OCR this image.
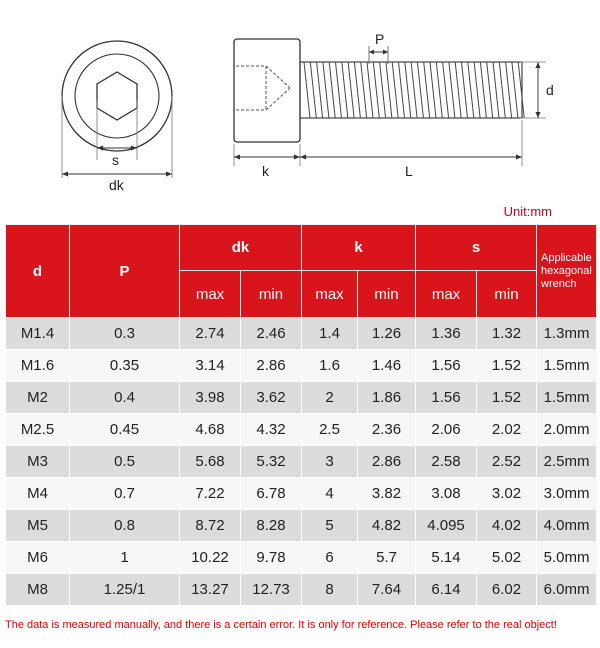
s
dk
P
d
k	L
Unit:mm
d	P	dk		k		s		Applicable hexagonal wrench
		max	min	max	min	max	min	
M1.4	0.3	2.74	2.46	1.4	1.26	1.36	1.32	1.3mm
M1.6	0.35	3.14	2.86	1.6	1.46	1.56	1.52	1.5mm
M2	0.4	3.98	3.62	2	1.86	1.56	1.52	1.5mm
M2.5	0.45	4.68	4.32	2.5	2.36	2.06	2.02	2.0mm
M3	0.5	5.68	5.32	3	2.86	2.58	2.52	2.5mm
M4	0.7	7.22	6.78	4	3.82	3.08	3.02	3.0mm
M5	0.8	8.72	8.28	5	4.82	4.095	4.02	4.0mm
M6	1	10.22	9.78	6	5.7	5.14	5.02	5.0mm
M8	1.25/1	13.27	12.73	8	7.64	6.14	6.02	6.0mm
The data is measured manually, and there is a certain error. It is only for reference. Please refer to the real object!
